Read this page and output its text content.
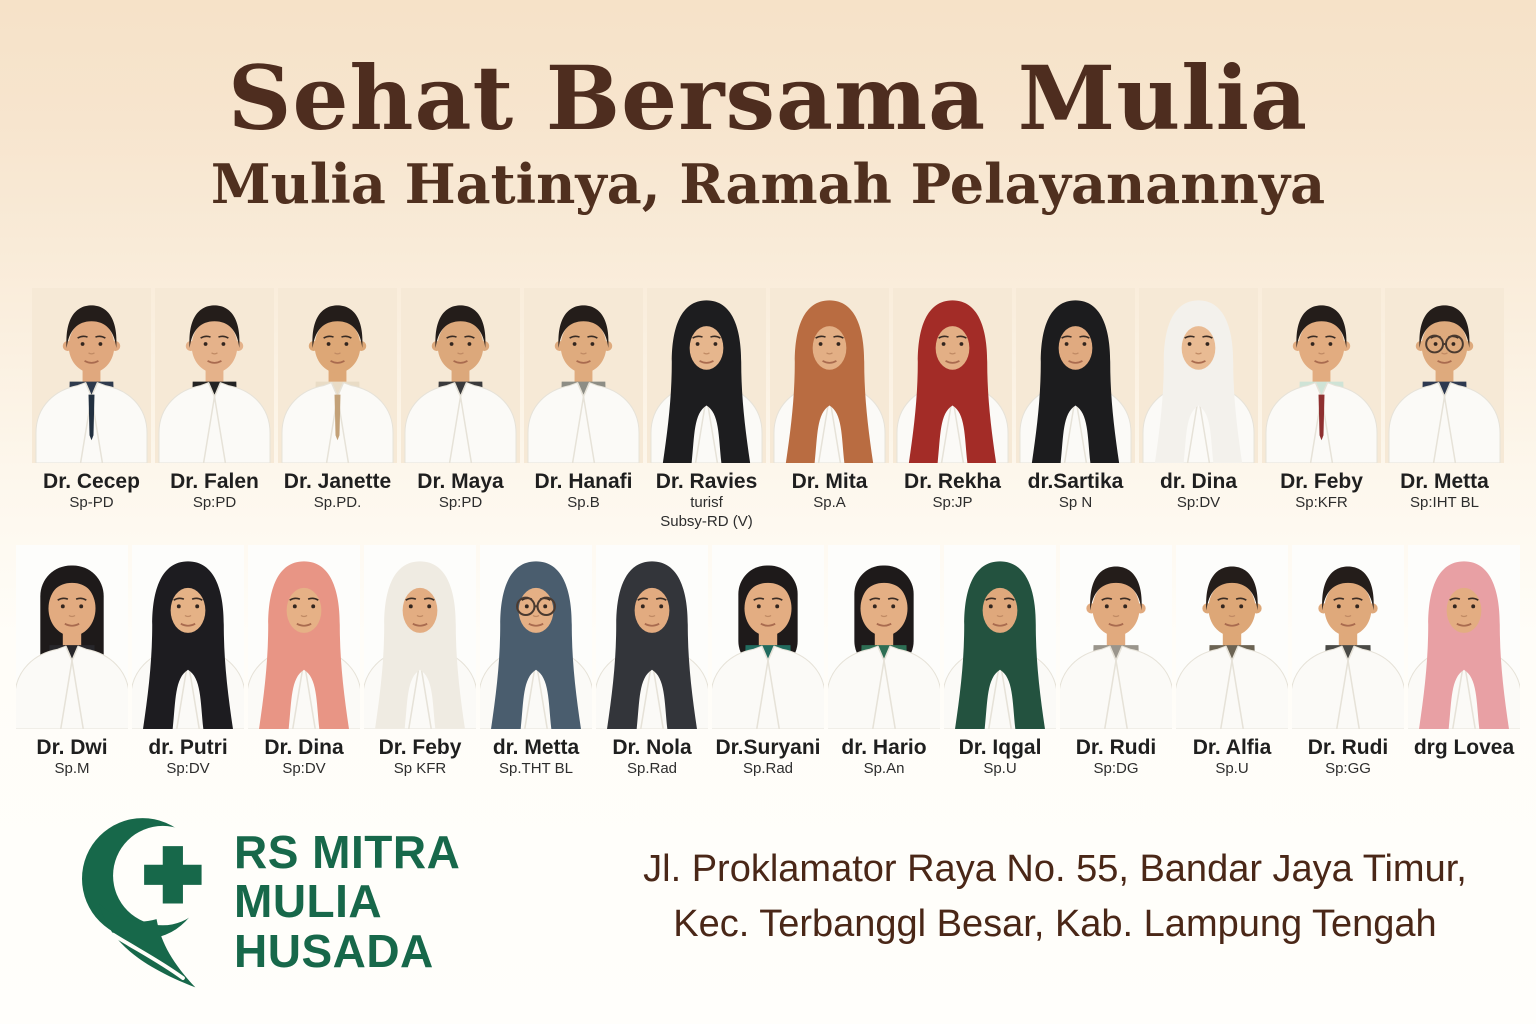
Sehat Bersama Mulia
Mulia Hatinya, Ramah Pelayanannya
Dr. Cecep
Sp-PD
Dr. Falen
Sp:PD
Dr. Janette
Sp.PD.
Dr. Maya
Sp:PD
Dr. Hanafi
Sp.B
Dr. Ravies
turisf
Subsy-RD (V)
Dr. Mita
Sp.A
Dr. Rekha
Sp:JP
dr.Sartika
Sp N
dr. Dina
Sp:DV
Dr. Feby
Sp:KFR
Dr. Metta
Sp:IHT BL
Dr. Dwi
Sp.M
dr. Putri
Sp:DV
Dr. Dina
Sp:DV
Dr. Feby
Sp KFR
dr. Metta
Sp.THT BL
Dr. Nola
Sp.Rad
Dr.Suryani
Sp.Rad
dr. Hario
Sp.An
Dr. Iqgal
Sp.U
Dr. Rudi
Sp:DG
Dr. Alfia
Sp.U
Dr. Rudi
Sp:GG
drg Lovea
RS MITRA
MULIA
HUSADA
Jl. Proklamator Raya No. 55, Bandar Jaya Timur,
Kec. Terbanggl Besar, Kab. Lampung Tengah
